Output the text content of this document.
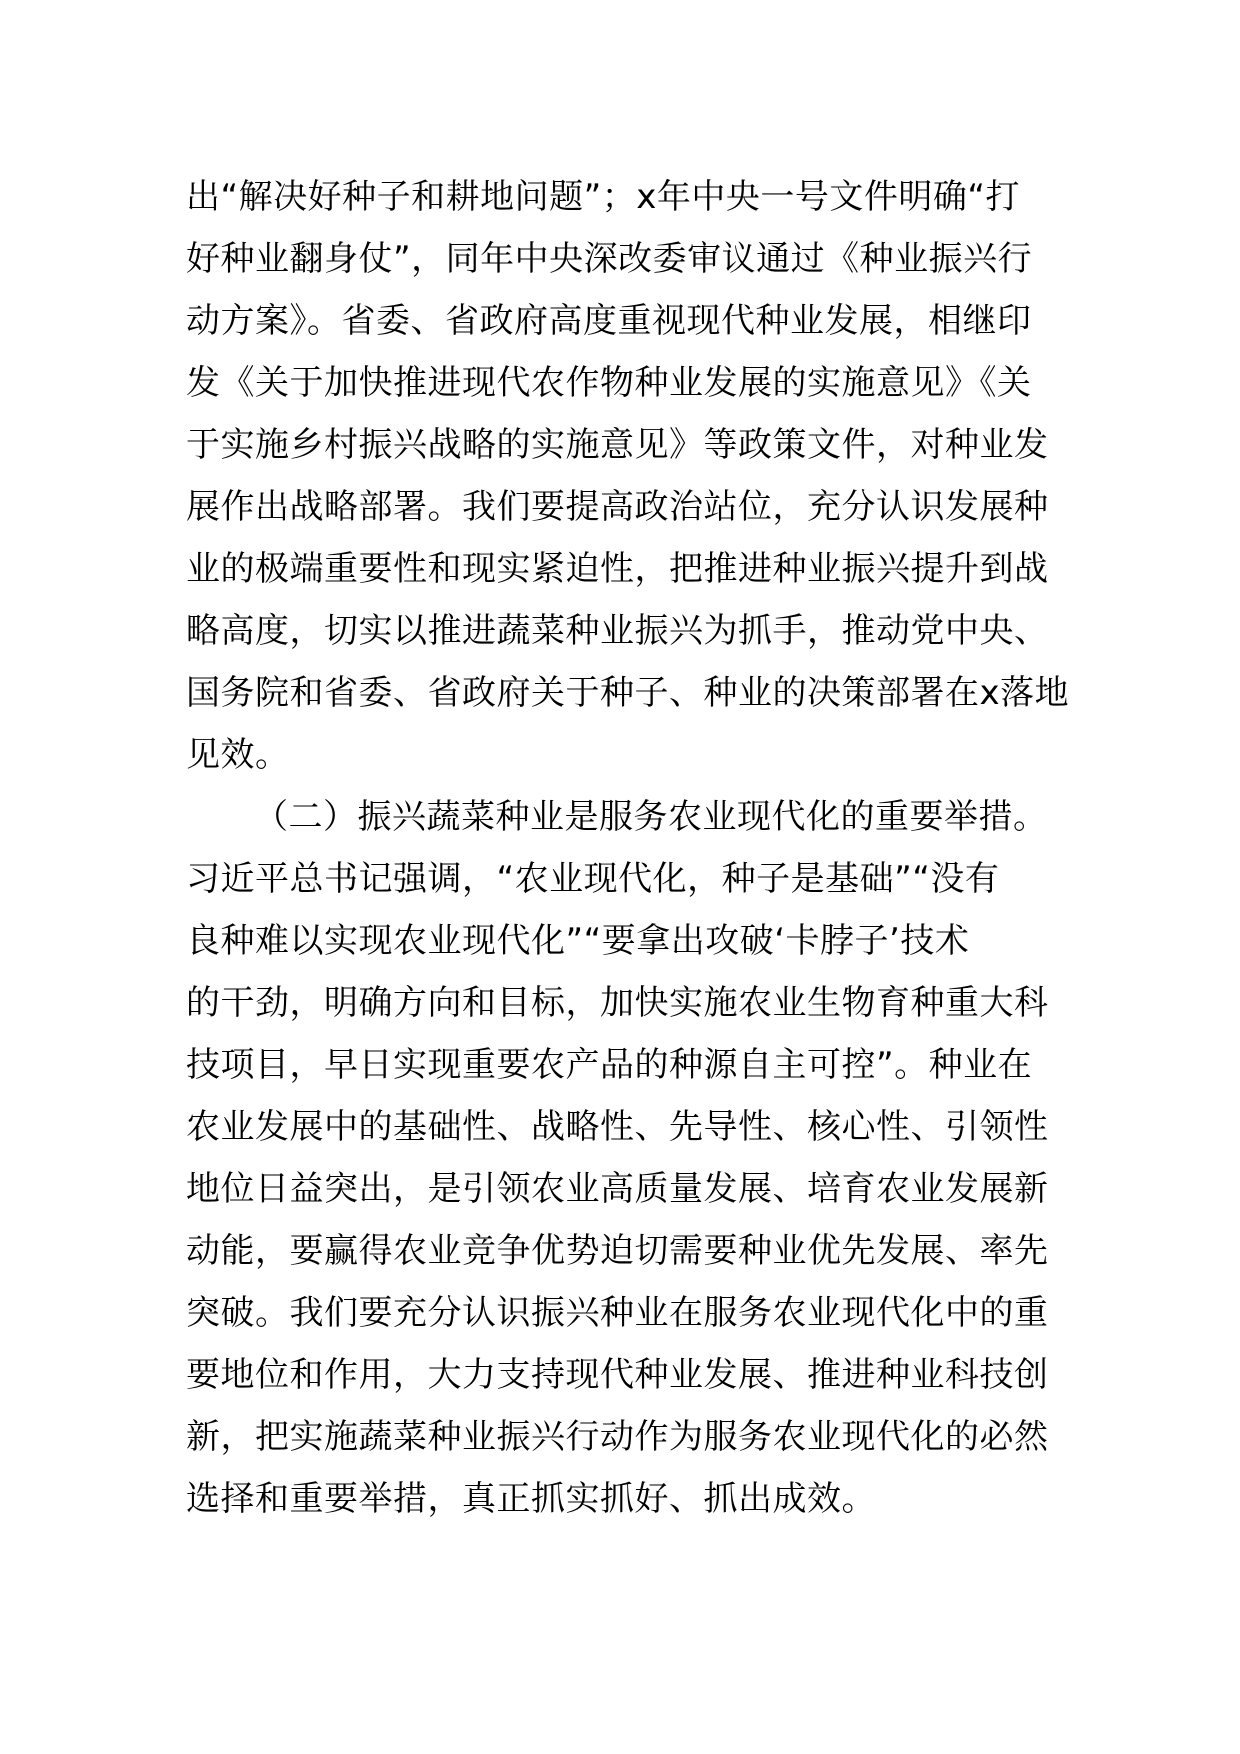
出“解决好种子和耕地问题”；x年中央一号文件明确“打
好种业翻身仗”，同年中央深改委审议通过《种业振兴行
动方案》。省委、省政府高度重视现代种业发展，相继印
发《关于加快推进现代农作物种业发展的实施意见》《关
于实施乡村振兴战略的实施意见》等政策文件，对种业发
展作出战略部署。我们要提高政治站位，充分认识发展种
业的极端重要性和现实紧迫性，把推进种业振兴提升到战
略高度，切实以推进蔬菜种业振兴为抓手，推动党中央、
国务院和省委、省政府关于种子、种业的决策部署在x落地
见效。
（二）振兴蔬菜种业是服务农业现代化的重要举措。
习近平总书记强调，“农业现代化，种子是基础”“没有
良种难以实现农业现代化”“要拿出攻破‘卡脖子’技术
的干劲，明确方向和目标，加快实施农业生物育种重大科
技项目，早日实现重要农产品的种源自主可控”。种业在
农业发展中的基础性、战略性、先导性、核心性、引领性
地位日益突出，是引领农业高质量发展、培育农业发展新
动能，要赢得农业竞争优势迫切需要种业优先发展、率先
突破。我们要充分认识振兴种业在服务农业现代化中的重
要地位和作用，大力支持现代种业发展、推进种业科技创
新，把实施蔬菜种业振兴行动作为服务农业现代化的必然
选择和重要举措，真正抓实抓好、抓出成效。
